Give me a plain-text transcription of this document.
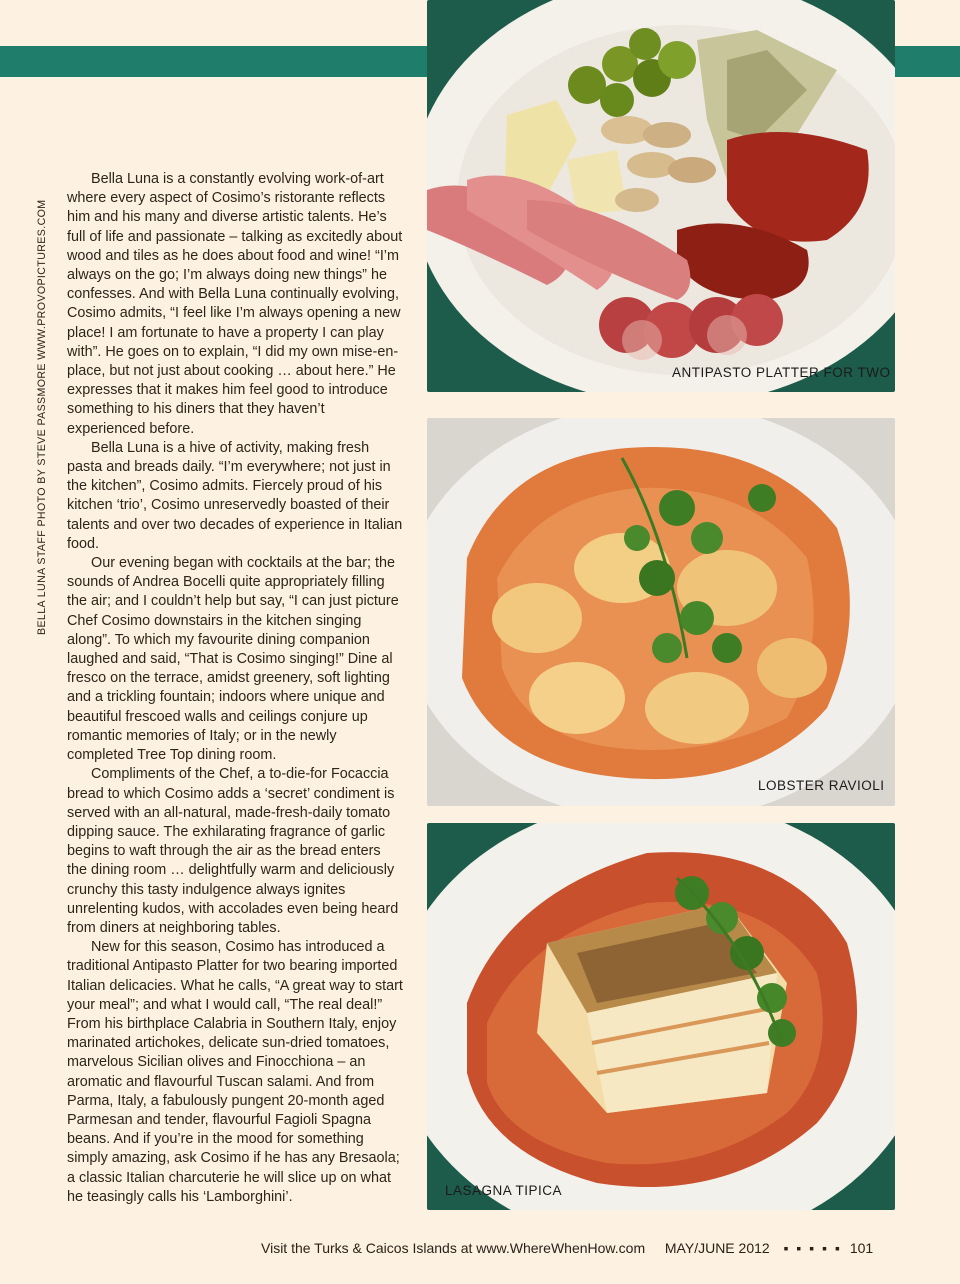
BELLA LUNA STAFF PHOTO BY STEVE PASSMORE WWW.PROVOPICTURES.COM

Bella Luna is a constantly evolving work-of-art where every aspect of Cosimo’s ristorante reflects him and his many and diverse artistic talents. He’s full of life and passionate – talking as excitedly about wood and tiles as he does about food and wine! “I’m always on the go; I’m always doing new things” he confesses. And with Bella Luna continually evolving, Cosimo admits, “I feel like I’m always opening a new place! I am fortunate to have a property I can play with”. He goes on to explain, “I did my own mise-en-place, but not just about cooking … about here.” He expresses that it makes him feel good to introduce something to his diners that they haven’t experienced before.

Bella Luna is a hive of activity, making fresh pasta and breads daily. “I’m everywhere; not just in the kitchen”, Cosimo admits. Fiercely proud of his kitchen ‘trio’, Cosimo unreservedly boasted of their talents and over two decades of experience in Italian food.

Our evening began with cocktails at the bar; the sounds of Andrea Bocelli quite appropriately filling the air; and I couldn’t help but say, “I can just picture Chef Cosimo downstairs in the kitchen singing along”. To which my favourite dining companion laughed and said, “That is Cosimo singing!” Dine al fresco on the terrace, amidst greenery, soft lighting and a trickling fountain; indoors where unique and beautiful frescoed walls and ceilings conjure up romantic memories of Italy; or in the newly completed Tree Top dining room.

Compliments of the Chef, a to-die-for Focaccia bread to which Cosimo adds a ‘secret’ condiment is served with an all-natural, made-fresh-daily tomato dipping sauce. The exhilarating fragrance of garlic begins to waft through the air as the bread enters the dining room … delightfully warm and deliciously crunchy this tasty indulgence always ignites unrelenting kudos, with accolades even being heard from diners at neighboring tables.

New for this season, Cosimo has introduced a traditional Antipasto Platter for two bearing imported Italian delicacies. What he calls, “A great way to start your meal”; and what I would call, “The real deal!” From his birthplace Calabria in Southern Italy, enjoy marinated artichokes, delicate sun-dried tomatoes, marvelous Sicilian olives and Finocchiona – an aromatic and flavourful Tuscan salami. And from Parma, Italy, a fabulously pungent 20-month aged Parmesan and tender, flavourful Fagioli Spagna beans. And if you’re in the mood for something simply amazing, ask Cosimo if he has any Bresaola; a classic Italian charcuterie he will slice up on what he teasingly calls his ‘Lamborghini’.

ANTIPASTO PLATTER FOR TWO
LOBSTER RAVIOLI
LASAGNA TIPICA
Visit the Turks & Caicos Islands at www.WhereWhenHow.com MAY/JUNE 2012 ▪ ▪ ▪ ▪ ▪ 101
